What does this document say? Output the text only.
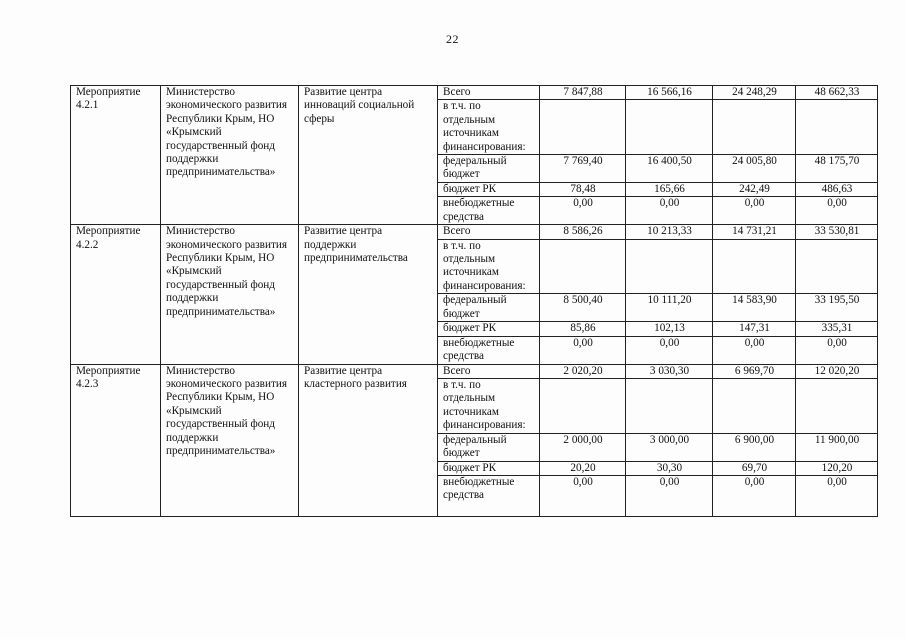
22
Мероприятие 4.2.1	Министерство экономического развития Республики Крым, НО «Крымский государственный фонд поддержки предпринимательства»	Развитие центра инноваций социальной сферы	Всего	7 847,88	16 566,16	24 248,29	48 662,33
			в т.ч. по отдельным источникам финансирования:				
			федеральный бюджет	7 769,40	16 400,50	24 005,80	48 175,70
			бюджет РК	78,48	165,66	242,49	486,63
			внебюджетные средства	0,00	0,00	0,00	0,00
Мероприятие 4.2.2	Министерство экономического развития Республики Крым, НО «Крымский государственный фонд поддержки предпринимательства»	Развитие центра поддержки предпринимательства	Всего	8 586,26	10 213,33	14 731,21	33 530,81
			в т.ч. по отдельным источникам финансирования:				
			федеральный бюджет	8 500,40	10 111,20	14 583,90	33 195,50
			бюджет РК	85,86	102,13	147,31	335,31
			внебюджетные средства	0,00	0,00	0,00	0,00
Мероприятие 4.2.3	Министерство экономического развития Республики Крым, НО «Крымский государственный фонд поддержки предпринимательства»	Развитие центра кластерного развития	Всего	2 020,20	3 030,30	6 969,70	12 020,20
			в т.ч. по отдельным источникам финансирования:				
			федеральный бюджет	2 000,00	3 000,00	6 900,00	11 900,00
			бюджет РК	20,20	30,30	69,70	120,20
			внебюджетные средства	0,00	0,00	0,00	0,00
